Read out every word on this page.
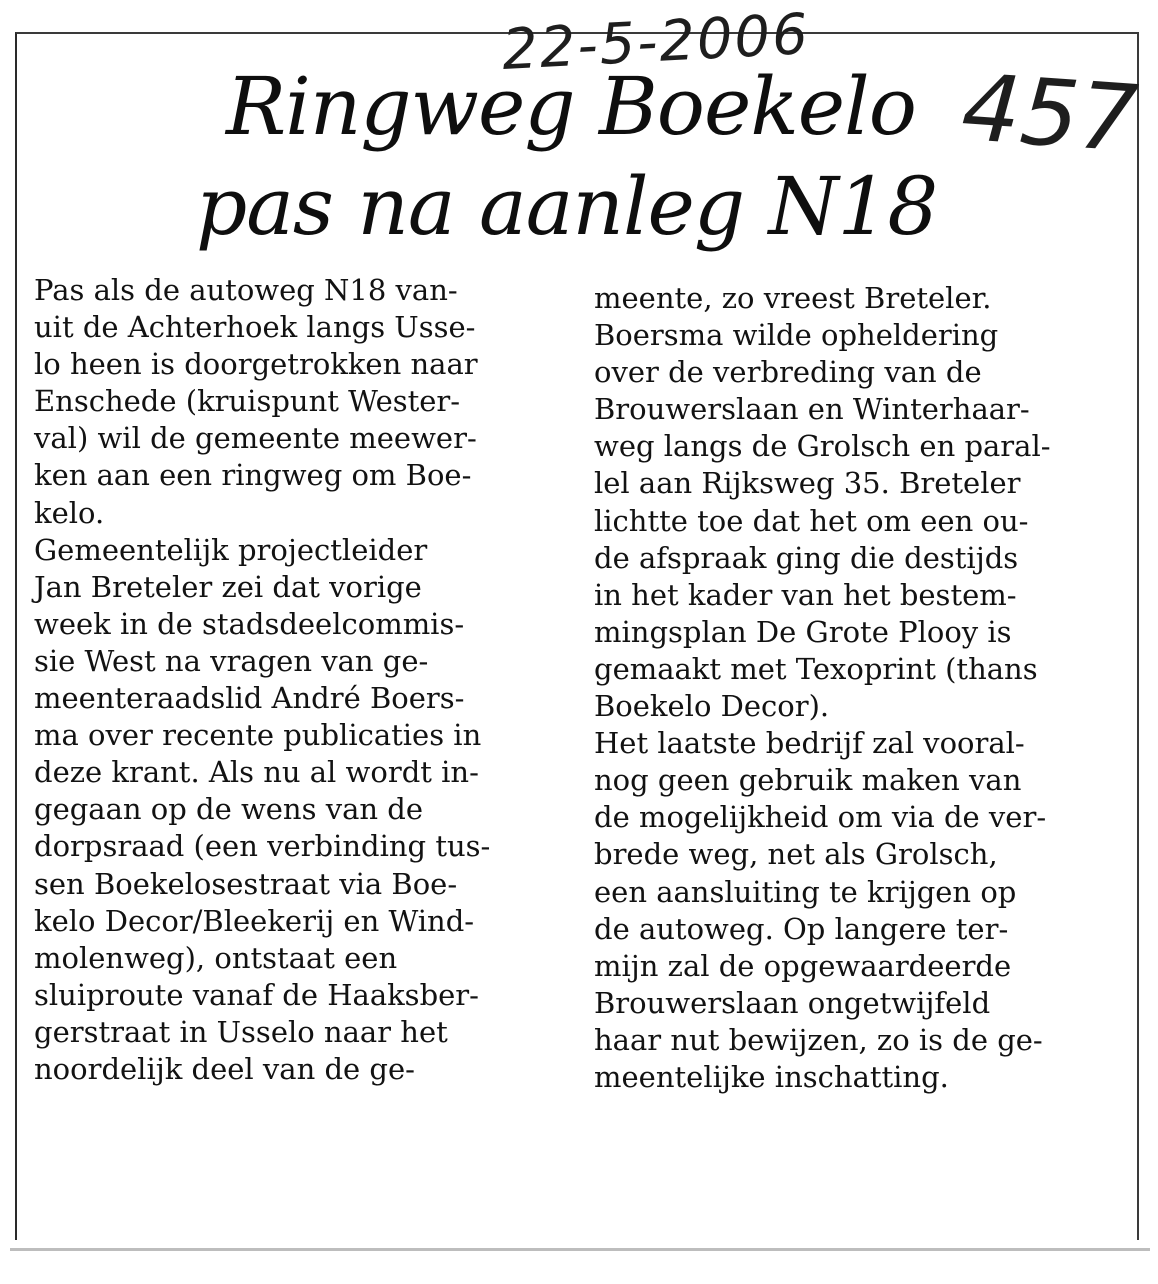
22-5-2006
457
Ringweg Boekelo
pas na aanleg N18
Pas als de autoweg N18 van-
uit de Achterhoek langs Usse-
lo heen is doorgetrokken naar
Enschede (kruispunt Wester-
val) wil de gemeente meewer-
ken aan een ringweg om Boe-
kelo.
Gemeentelijk projectleider
Jan Breteler zei dat vorige
week in de stadsdeelcommis-
sie West na vragen van ge-
meenteraadslid André Boers-
ma over recente publicaties in
deze krant. Als nu al wordt in-
gegaan op de wens van de
dorpsraad (een verbinding tus-
sen Boekelosestraat via Boe-
kelo Decor/Bleekerij en Wind-
molenweg), ontstaat een
sluiproute vanaf de Haaksber-
gerstraat in Usselo naar het
noordelijk deel van de ge-
meente, zo vreest Breteler.
Boersma wilde opheldering
over de verbreding van de
Brouwerslaan en Winterhaar-
weg langs de Grolsch en paral-
lel aan Rijksweg 35. Breteler
lichtte toe dat het om een ou-
de afspraak ging die destijds
in het kader van het bestem-
mingsplan De Grote Plooy is
gemaakt met Texoprint (thans
Boekelo Decor).
Het laatste bedrijf zal vooral-
nog geen gebruik maken van
de mogelijkheid om via de ver-
brede weg, net als Grolsch,
een aansluiting te krijgen op
de autoweg. Op langere ter-
mijn zal de opgewaardeerde
Brouwerslaan ongetwijfeld
haar nut bewijzen, zo is de ge-
meentelijke inschatting.
